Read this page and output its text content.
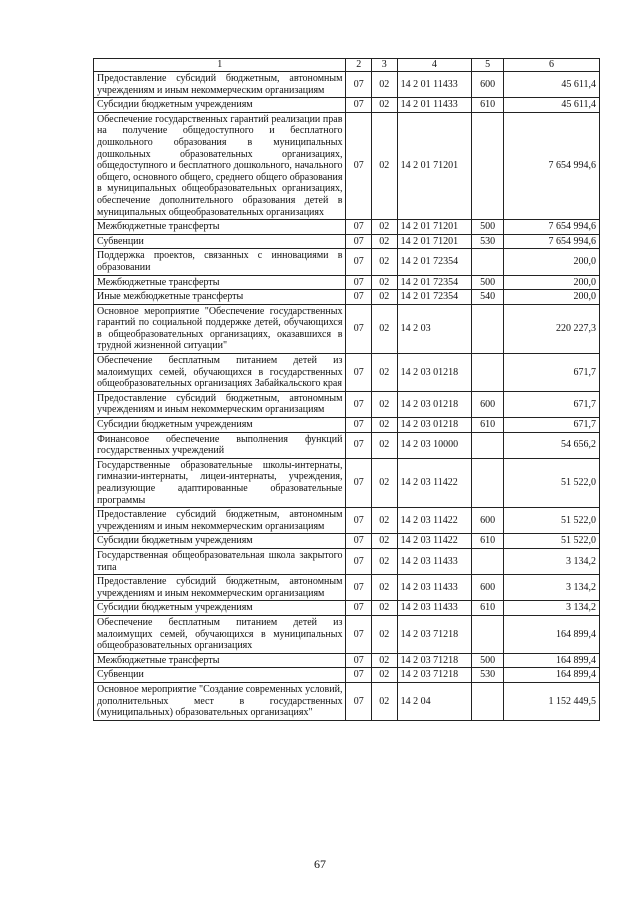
1	2	3	4	5	6
Предоставление субсидий бюджетным, автономным учреждениям и иным некоммерческим организациям	07	02	14 2 01 11433	600	45 611,4
Субсидии бюджетным учреждениям	07	02	14 2 01 11433	610	45 611,4
Обеспечение государственных гарантий реализации прав на получение общедоступного и бесплатного дошкольного образования в муниципальных дошкольных образовательных организациях, общедоступного и бесплатного дошкольного, начального общего, основного общего, среднего общего образования в муниципальных общеобразовательных организациях, обеспечение дополнительного образования детей в муниципальных общеобразовательных организациях	07	02	14 2 01 71201		7 654 994,6
Межбюджетные трансферты	07	02	14 2 01 71201	500	7 654 994,6
Субвенции	07	02	14 2 01 71201	530	7 654 994,6
Поддержка проектов, связанных с инновациями в образовании	07	02	14 2 01 72354		200,0
Межбюджетные трансферты	07	02	14 2 01 72354	500	200,0
Иные межбюджетные трансферты	07	02	14 2 01 72354	540	200,0
Основное мероприятие "Обеспечение государственных гарантий по социальной поддержке детей, обучающихся в общеобразовательных организациях, оказавшихся в трудной жизненной ситуации"	07	02	14 2 03		220 227,3
Обеспечение бесплатным питанием детей из малоимущих семей, обучающихся в государственных общеобразовательных организациях Забайкальского края	07	02	14 2 03 01218		671,7
Предоставление субсидий бюджетным, автономным учреждениям и иным некоммерческим организациям	07	02	14 2 03 01218	600	671,7
Субсидии бюджетным учреждениям	07	02	14 2 03 01218	610	671,7
Финансовое обеспечение выполнения функций государственных учреждений	07	02	14 2 03 10000		54 656,2
Государственные образовательные школы-интернаты, гимназии-интернаты, лицеи-интернаты, учреждения, реализующие адаптированные образовательные программы	07	02	14 2 03 11422		51 522,0
Предоставление субсидий бюджетным, автономным учреждениям и иным некоммерческим организациям	07	02	14 2 03 11422	600	51 522,0
Субсидии бюджетным учреждениям	07	02	14 2 03 11422	610	51 522,0
Государственная общеобразовательная школа закрытого типа	07	02	14 2 03 11433		3 134,2
Предоставление субсидий бюджетным, автономным учреждениям и иным некоммерческим организациям	07	02	14 2 03 11433	600	3 134,2
Субсидии бюджетным учреждениям	07	02	14 2 03 11433	610	3 134,2
Обеспечение бесплатным питанием детей из малоимущих семей, обучающихся в муниципальных общеобразовательных организациях	07	02	14 2 03 71218		164 899,4
Межбюджетные трансферты	07	02	14 2 03 71218	500	164 899,4
Субвенции	07	02	14 2 03 71218	530	164 899,4
Основное мероприятие "Создание современных условий, дополнительных мест в государственных (муниципальных) образовательных организациях"	07	02	14 2 04		1 152 449,5
67
